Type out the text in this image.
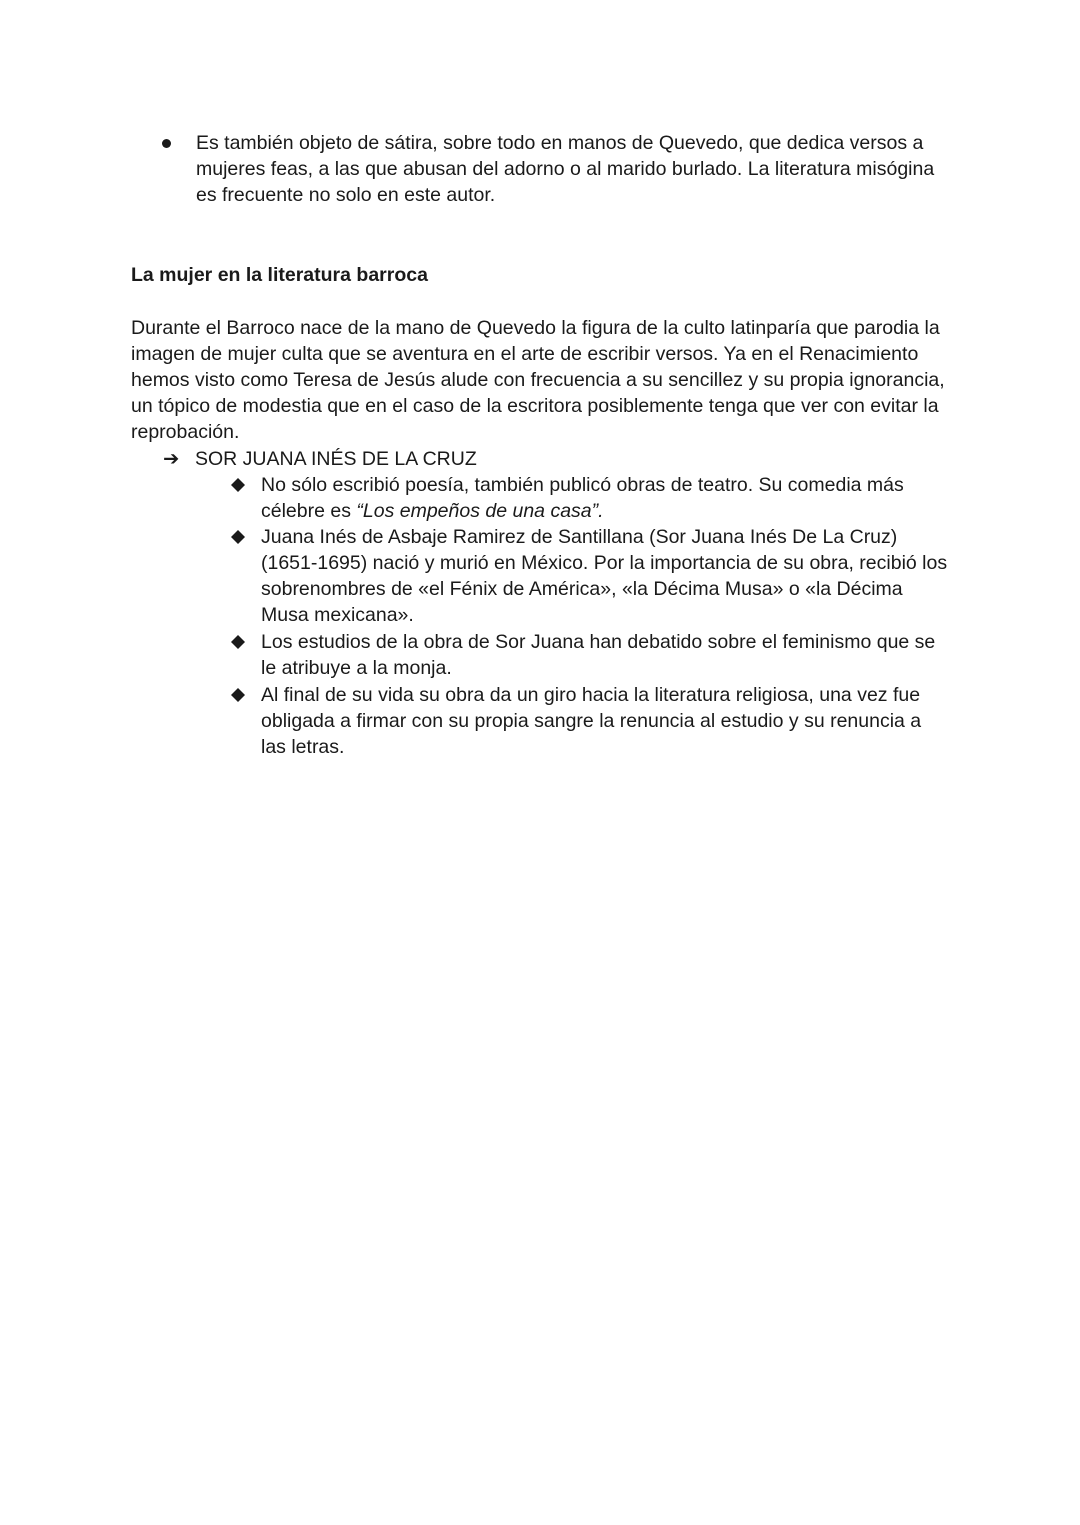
Es también objeto de sátira, sobre todo en manos de Quevedo, que dedica versos a mujeres feas, a las que abusan del adorno o al marido burlado. La literatura misógina es frecuente no solo en este autor.
La mujer en la literatura barroca
Durante el Barroco nace de la mano de Quevedo la figura de la culto latinparía que parodia la imagen de mujer culta que se aventura en el arte de escribir versos. Ya en el Renacimiento hemos visto como Teresa de Jesús alude con frecuencia a su sencillez y su propia ignorancia, un tópico de modestia que en el caso de la escritora posiblemente tenga que ver con evitar la reprobación.
➔ SOR JUANA INÉS DE LA CRUZ
No sólo escribió poesía, también publicó obras de teatro. Su comedia más célebre es “Los empeños de una casa”.
Juana Inés de Asbaje Ramirez de Santillana (Sor Juana Inés De La Cruz) (1651-1695) nació y murió en México. Por la importancia de su obra, recibió los sobrenombres de «el Fénix de América», «la Décima Musa» o «la Décima Musa mexicana».
Los estudios de la obra de Sor Juana han debatido sobre el feminismo que se le atribuye a la monja.
Al final de su vida su obra da un giro hacia la literatura religiosa, una vez fue obligada a firmar con su propia sangre la renuncia al estudio y su renuncia a las letras.
